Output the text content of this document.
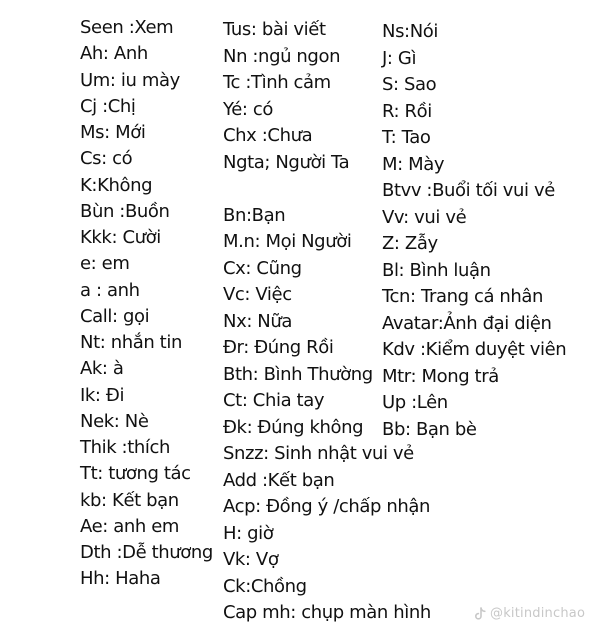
Seen :Xem
Ah: Anh
Um: iu mày
Cj :Chị
Ms: Mới
Cs: có
K:Không
Bùn :Buồn
Kkk: Cười
e: em
a : anh
Call: gọi
Nt: nhắn tin
Ak: à
Ik: Đi
Nek: Nè
Thik :thích
Tt: tương tác
kb: Kết bạn
Ae: anh em
Dth :Dễ thương
Hh: Haha
Tus: bài viết
Nn :ngủ ngon
Tc :Tình cảm
Yé: có
Chx :Chưa
Ngta; Người Ta
Bn:Bạn
M.n: Mọi Người
Cx: Cũng
Vc: Việc
Nx: Nữa
Đr: Đúng Rồi
Bth: Bình Thường
Ct: Chia tay
Đk: Đúng không
Snzz: Sinh nhật vui vẻ
Add :Kết bạn
Acp: Đồng ý /chấp nhận
H: giờ
Vk: Vợ
Ck:Chồng
Cap mh: chụp màn hình
Ns:Nói
J: Gì
S: Sao
R: Rồi
T: Tao
M: Mày
Btvv :Buổi tối vui vẻ
Vv: vui vẻ
Z: Zẫy
Bl: Bình luận
Tcn: Trang cá nhân
Avatar:Ảnh đại diện
Kdv :Kiểm duyệt viên
Mtr: Mong trả
Up :Lên
Bb: Bạn bè
@kitindinchao
